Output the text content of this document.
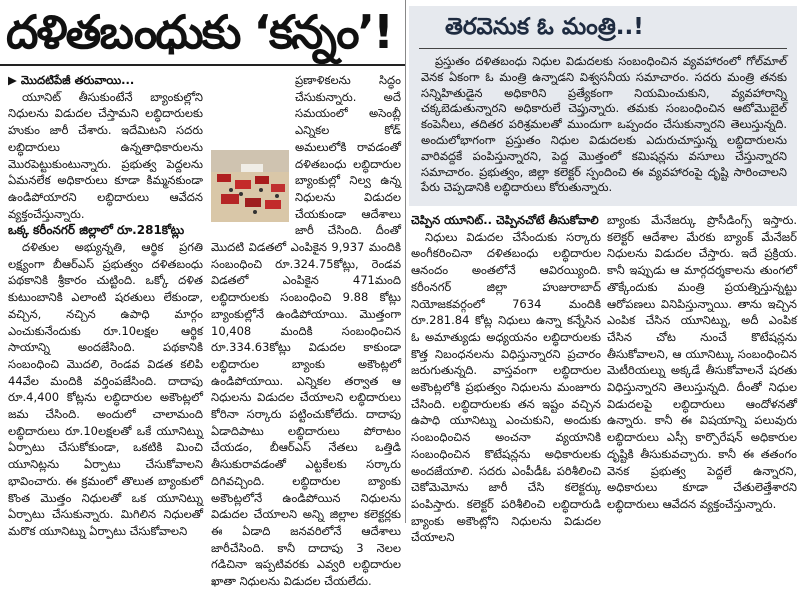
దళితబంధుకు ‘కన్నం’!

▶ మొదటిపేజీ తరువాయి...

యూనిట్ తీసుకుంటేనే బ్యాంకుల్లోని నిధులను విడుదల చేస్తామని లబ్ధిదారులకు హుకుం జారీ చేశారు. ఇదేమిటని సదరు లబ్ధిదారులు ఉన్నతాధికారులను మొరపెట్టుకుంటున్నారు. ప్రభుత్వ పెద్దలను ఏమనలేక అధికారులు కూడా కిమ్మనకుండా ఉండిపోయారని లబ్ధిదారులు ఆవేదన వ్యక్తంచేస్తున్నారు.

ఒక్క కరీంనగర్ జిల్లాలో రూ.281కోట్లు

దళితుల అభ్యున్నతి, ఆర్థిక ప్రగతి లక్ష్యంగా బీఆర్ఎస్ ప్రభుత్వం దళితబంధు పథకానికి శ్రీకారం చుట్టింది. ఒక్కో దళిత కుటుంబానికి ఎలాంటి షరతులు లేకుండా, వచ్చిన, నచ్చిన ఉపాధి మార్గం ఎంచుకునేందుకు రూ.10లక్షల ఆర్థిక సాయాన్ని అందజేసింది. పథకానికి సంబంధించి మొదలి, రెండవ విడత కలిపి 44వేల మందికి వర్తింపజేసింది. దాదాపు రూ.4,400 కోట్లను లబ్ధిదారుల అకౌంట్లలో జమ చేసింది. అందులో చాలామంది లబ్ధిదారులు రూ.10లక్షలతో ఒకే యూనిట్ను ఏర్పాటు చేసుకోకుండా, ఒకటికి మించి యూనిట్లను ఏర్పాటు చేసుకోవాలని భావించారు. ఈ క్రమంలో తొలుత బ్యాంకులో కొంత మొత్తం నిధులతో ఒక యూనిట్ను ఏర్పాటు చేసుకున్నారు. మిగిలిన నిధులతో మరొక యూనిట్ను ఏర్పాటు చేసుకోవాలని

ప్రణాళికలను సిద్ధం చేసుకున్నారు. అదే సమయంలో అసెంబ్లీ ఎన్నికల కోడ్ అమలులోకి రావడంతో దళితబంధు లబ్ధిదారుల బ్యాంకుల్లో నిల్వ ఉన్న నిధులను విడుదల చేయకుండా ఆదేశాలు జారీ చేసింది. దీంతో మొదటి విడతలో ఎంపికైన 9,937 మందికి సంబంధించి రూ.324.75కోట్లు, రెండవ విడతలో ఎంపికైన 471మంది లబ్ధిదారులకు సంబంధించి 9.88 కోట్లు బ్యాంకుల్లోనే ఉండిపోయాయి. మొత్తంగా 10,408 మందికి సంబంధించిన రూ.334.63కోట్లు విడుదల కాకుండా లబ్ధిదారుల బ్యాంకు అకౌంట్లలో ఉండిపోయాయి. ఎన్నికల తర్వాత ఆ నిధులను విడుదల చేయాలని లబ్ధిదారులు కోరినా సర్కారు పట్టించుకోలేదు. దాదాపు ఏడాదిపాటు లబ్ధిదారులు పోరాటం చేయడం, బీఆర్ఎస్ నేతలు ఒత్తిడి తీసుకురావడంతో ఎట్టకేలకు సర్కారు దిగివచ్చింది. లబ్ధిదారుల బ్యాంకు అకౌంట్లలోనే ఉండిపోయిన నిధులను విడుదల చేయాలని అన్ని జిల్లాల కలెక్టర్లకు ఈ ఏడాది జనవరిలోనే ఆదేశాలు జారీచేసింది. కానీ దాదాపు 3 నెలల గడిచినా ఇప్పటివరకు ఎవ్వరి లబ్ధిదారుల ఖాతా నిధులను విడుదల చేయలేదు.

తెరవెనుక ఓ మంత్రి..!

ప్రస్తుతం దళితబంధు నిధుల విడుదలకు సంబంధించిన వ్యవహారంలో గోల్‌మాల్ వెనక ఏకంగా ఓ మంత్రి ఉన్నాడని విశ్వసనీయ సమాచారం. సదరు మంత్రి తనకు సన్నిహితుడైన అధికారిని ప్రత్యేకంగా నియమించుకుని, వ్యవహారాన్ని చక్కబెడుతున్నారని అధికారులే చెప్తున్నారు. తమకు సంబంధించిన ఆటోమొబైల్ కంపెనీలు, తదితర పరిశ్రమలతో ముందుగా ఒప్పందం చేసుకున్నారని తెలుస్తున్నది. అందులోభాగంగా ప్రస్తుతం నిధుల విడుదలకు ఎదురుచూస్తున్న లబ్ధిదారులను వారివద్దకే పంపిస్తున్నారని, పెద్ద మొత్తంలో కమిషన్లను వసూలు చేస్తున్నారని సమాచారం. ప్రభుత్వం, జిల్లా కలెక్టర్ స్పందించి ఈ వ్యవహారంపై దృష్టి సారించాలని పేరు చెప్పడానికి లబ్ధిదారులు కోరుతున్నారు.

చెప్పిన యూనిట్.. చెప్పినచోటే తీసుకోవాలి

నిధులు విడుదల చేసేందుకు సర్కారు అంగీకరించినా దళితబంధు లబ్ధిదారుల ఆనందం అంతలోనే ఆవిరయ్యింది. కరీంనగర్ జిల్లా హుజురాబాద్ నియోజకవర్గంలో 7634 మందికి రూ.281.84 కోట్ల నిధులు ఉన్నా కన్నేసిన ఓ అమాత్యుడు అధ్యయనం లబ్ధిదారులకు కొత్త నిబంధనలను విధిస్తున్నారని ప్రచారం జరుగుతున్నది. వాస్తవంగా లబ్ధిదారుల అకౌంట్లలోకి ప్రభుత్వం నిధులను మంజూరు చేసింది. లబ్ధిదారులకు తన ఇష్టం వచ్చిన ఉపాధి యూనిట్ను ఎంచుకుని, అందుకు సంబంధించిన అంచనా వ్యయానికి సంబంధించిన కొటేషన్లను అధికారులకు అందజేయాలి. సదరు ఎంపీడీఓ పరిశీలించి చెకోమెమోను జారీ చేసి కలెక్టర్కు పంపిస్తారు. కలెక్టర్ పరిశీలించి లబ్ధిదారుడి బ్యాంకు అకౌంట్లోని నిధులను విడుదల చేయాలని

బ్యాంకు మేనేజర్కు ప్రొసీడింగ్స్ ఇస్తారు. కలెక్టర్ ఆదేశాల మేరకు బ్యాంక్ మేనేజర్ నిధులను విడుదల చేస్తారు. ఇదే ప్రక్రియ. కానీ ఇప్పుడు ఆ మార్గదర్శకాలను తుంగలో తొక్కేందుకు మంత్రి ప్రయత్నిస్తున్నట్టు ఆరోపణలు వినిపిస్తున్నాయి. తాను ఇచ్చిన ఎంపిక చేసిన యూనిట్ను, అదీ ఎంపిక చేసిన చోట నుంచే కొటేషన్లను తీసుకోవాలని, ఆ యూనిట్కు సంబంధించిన మెటీరియల్ను అక్కడే తీసుకోవాలనే షరతు విధిస్తున్నారని తెలుస్తున్నది. దీంతో నిధుల విడుదలపై లబ్ధిదారులు ఆందోళనతో ఉన్నారు. కానీ ఈ విషయాన్ని పలువురు లబ్ధిదారులు ఎస్సీ కార్పొరేషన్ అధికారుల దృష్టికి తీసుకువచ్చారు. కానీ ఈ తతంగం వెనక ప్రభుత్వ పెద్దలే ఉన్నారని, అధికారులు కూడా చేతులెత్తేశారని లబ్ధిదారులు ఆవేదన వ్యక్తంచేస్తున్నారు.
